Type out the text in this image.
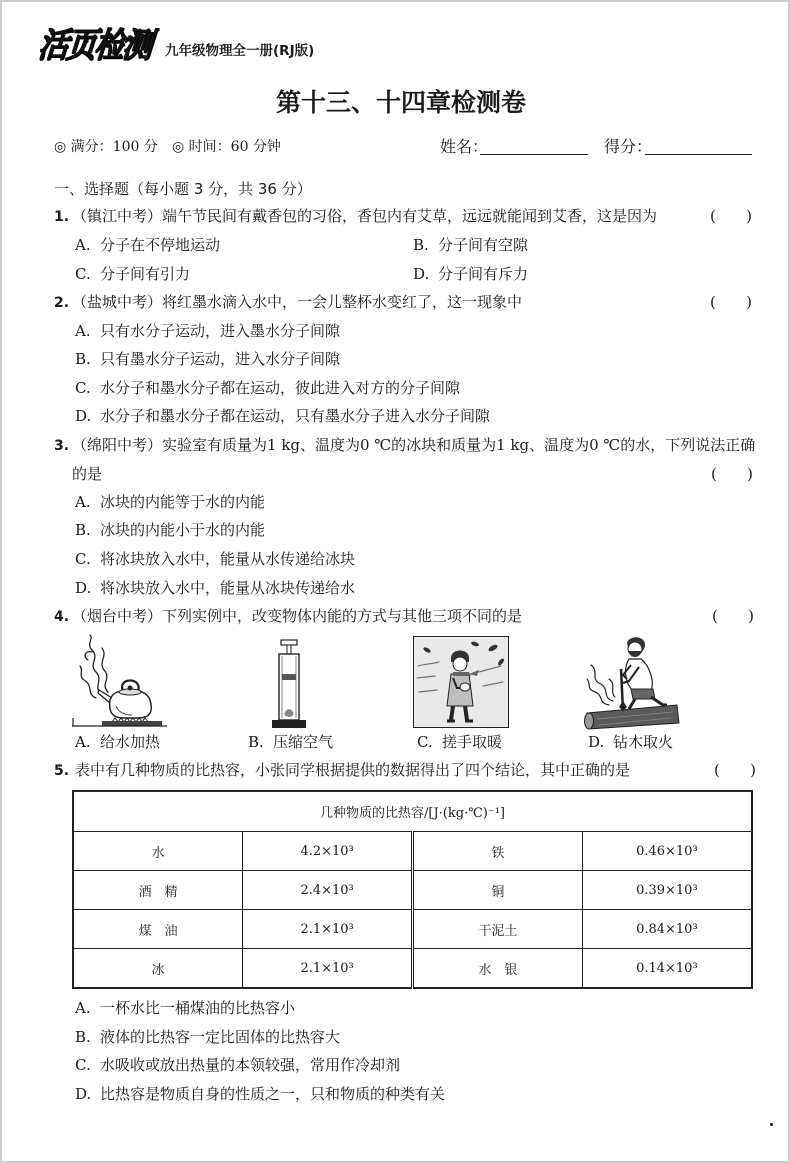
活页检测 九年级物理全一册(RJ版)
第十三、十四章检测卷
◎ 满分：100 分 ◎ 时间：60 分钟	姓名：	得分：
一、选择题（每小题 3 分，共 36 分）
1. （镇江中考）端午节民间有戴香包的习俗，香包内有艾草，远远就能闻到艾香，这是因为	( )
A. 分子在不停地运动	B. 分子间有空隙
C. 分子间有引力	D. 分子间有斥力
2. （盐城中考）将红墨水滴入水中，一会儿整杯水变红了，这一现象中	( )
A. 只有水分子运动，进入墨水分子间隙
B. 只有墨水分子运动，进入水分子间隙
C. 水分子和墨水分子都在运动，彼此进入对方的分子间隙
D. 水分子和墨水分子都在运动，只有墨水分子进入水分子间隙
3. （绵阳中考）实验室有质量为1 kg、温度为0 ℃的冰块和质量为1 kg、温度为0 ℃的水，下列说法正确
的是	( )
A. 冰块的内能等于水的内能
B. 冰块的内能小于水的内能
C. 将冰块放入水中，能量从水传递给冰块
D. 将冰块放入水中，能量从冰块传递给水
4. （烟台中考）下列实例中，改变物体内能的方式与其他三项不同的是	( )
A. 给水加热	B. 压缩空气	C. 搓手取暖	D. 钻木取火
5. 表中有几种物质的比热容，小张同学根据提供的数据得出了四个结论，其中正确的是	( )
几种物质的比热容/[J·(kg·℃)⁻¹]			
水	4.2×10³	铁	0.46×10³
酒　精	2.4×10³	铜	0.39×10³
煤　油	2.1×10³	干泥土	0.84×10³
冰	2.1×10³	水　银	0.14×10³
A. 一杯水比一桶煤油的比热容小
B. 液体的比热容一定比固体的比热容大
C. 水吸收或放出热量的本领较强，常用作冷却剂
D. 比热容是物质自身的性质之一，只和物质的种类有关
